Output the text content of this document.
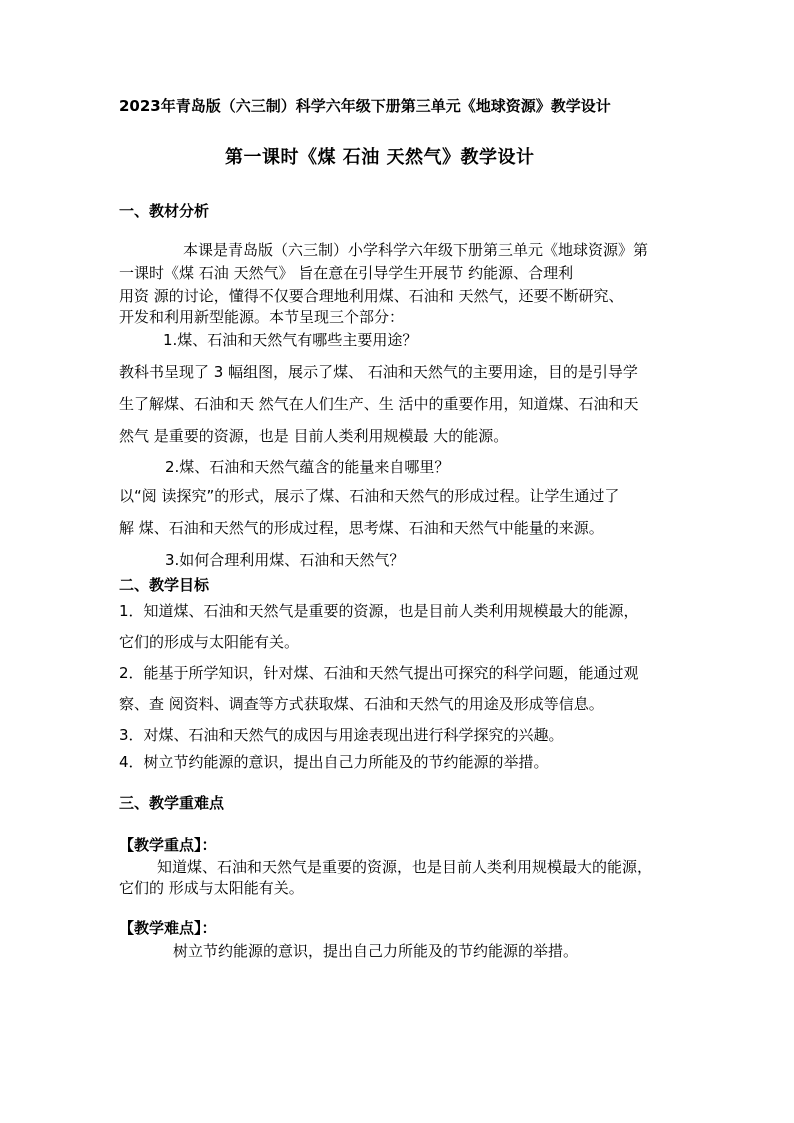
2023年青岛版（六三制）科学六年级下册第三单元《地球资源》教学设计
第一课时《煤 石油 天然气》教学设计
一、教材分析
本课是青岛版（六三制）小学科学六年级下册第三单元《地球资源》第
一课时《煤 石油 天然气》 旨在意在引导学生开展节 约能源、合理利
用资 源的讨论，懂得不仅要合理地利用煤、石油和 天然气，还要不断研究、
开发和利用新型能源。本节呈现三个部分：
1.煤、石油和天然气有哪些主要用途？
教科书呈现了 3 幅组图，展示了煤、 石油和天然气的主要用途，目的是引导学
生了解煤、石油和天 然气在人们生产、生 活中的重要作用，知道煤、石油和天
然气 是重要的资源，也是 目前人类利用规模最 大的能源。
2.煤、石油和天然气蕴含的能量来自哪里？
以“阅 读探究”的形式，展示了煤、石油和天然气的形成过程。让学生通过了
解 煤、石油和天然气的形成过程，思考煤、石油和天然气中能量的来源。
3.如何合理利用煤、石油和天然气？
二、教学目标
1．知道煤、石油和天然气是重要的资源，也是目前人类利用规模最大的能源，
它们的形成与太阳能有关。
2．能基于所学知识，针对煤、石油和天然气提出可探究的科学问题，能通过观
察、查 阅资料、调查等方式获取煤、石油和天然气的用途及形成等信息。
3．对煤、石油和天然气的成因与用途表现出进行科学探究的兴趣。
4．树立节约能源的意识，提出自己力所能及的节约能源的举措。
三、教学重难点
【教学重点】：
知道煤、石油和天然气是重要的资源，也是目前人类利用规模最大的能源，
它们的 形成与太阳能有关。
【教学难点】：
树立节约能源的意识，提出自己力所能及的节约能源的举措。
